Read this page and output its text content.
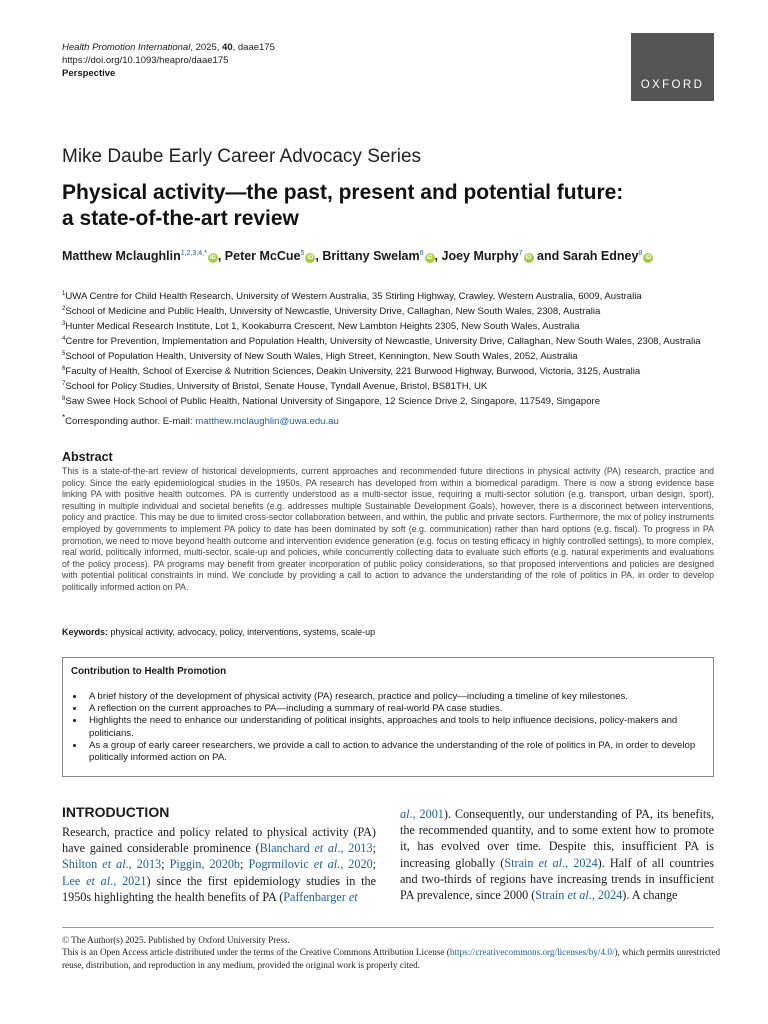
Health Promotion International, 2025, 40, daae175
https://doi.org/10.1093/heapro/daae175
Perspective
OXFORD
Mike Daube Early Career Advocacy Series
Physical activity—the past, present and potential future:
a state-of-the-art review
Matthew Mclaughlin$^{1,2,3,4,*}$iD , Peter McCue$^5$iD , Brittany Swelam$^6$iD , Joey Murphy$^7$iD and Sarah Edney$^8$iD
$^1$UWA Centre for Child Health Research, University of Western Australia, 35 Stirling Highway, Crawley, Western Australia, 6009, Australia
$^2$School of Medicine and Public Health, University of Newcastle, University Drive, Callaghan, New South Wales, 2308, Australia
$^3$Hunter Medical Research Institute, Lot 1, Kookaburra Crescent, New Lambton Heights 2305, New South Wales, Australia
$^4$Centre for Prevention, Implementation and Population Health, University of Newcastle, University Drive, Callaghan, New South Wales, 2308, Australia
$^5$School of Population Health, University of New South Wales, High Street, Kennington, New South Wales, 2052, Australia
$^6$Faculty of Health, School of Exercise & Nutrition Sciences, Deakin University, 221 Burwood Highway, Burwood, Victoria, 3125, Australia
$^7$School for Policy Studies, University of Bristol, Senate House, Tyndall Avenue, Bristol, BS81TH, UK
$^8$Saw Swee Hock School of Public Health, National University of Singapore, 12 Science Drive 2, Singapore, 117549, Singapore
*Corresponding author. E-mail: matthew.mclaughlin@uwa.edu.au
Abstract
This is a state-of-the-art review of historical developments, current approaches and recommended future directions in physical activity (PA) research, practice and policy. Since the early epidemiological studies in the 1950s, PA research has developed from within a biomedical paradigm. There is now a strong evidence base linking PA with positive health outcomes. PA is currently understood as a multi-sector issue, requiring a multi-sector solution (e.g. transport, urban design, sport), resulting in multiple individual and societal benefits (e.g. addresses multiple Sustainable Development Goals), however, there is a disconnect between interventions, policy and practice. This may be due to limited cross-sector collaboration between, and within, the public and private sectors. Furthermore, the mix of policy instruments employed by governments to implement PA policy to date has been dominated by soft (e.g. communication) rather than hard options (e.g. fiscal). To progress in PA promotion, we need to move beyond health outcome and intervention evidence generation (e.g. focus on testing efficacy in highly controlled settings), to more complex, real world, politically informed, multi-sector, scale-up and policies, while concurrently collecting data to evaluate such efforts (e.g. natural experiments and evaluations of the policy process). PA programs may benefit from greater incorporation of public policy considerations, so that proposed interventions and policies are designed with potential political constraints in mind. We conclude by providing a call to action to advance the understanding of the role of politics in PA, in order to develop politically informed action on PA.
Keywords: physical activity, advocacy, policy, interventions, systems, scale-up
Contribution to Health Promotion
• A brief history of the development of physical activity (PA) research, practice and policy—including a timeline of key milestones.
• A reflection on the current approaches to PA—including a summary of real-world PA case studies.
• Highlights the need to enhance our understanding of political insights, approaches and tools to help influence decisions, policy-makers and politicians.
• As a group of early career researchers, we provide a call to action to advance the understanding of the role of politics in PA, in order to develop politically informed action on PA.
INTRODUCTION
Research, practice and policy related to physical activity (PA) have gained considerable prominence (Blanchard et al., 2013; Shilton et al., 2013; Piggin, 2020b; Pogrmilovic et al., 2020; Lee et al., 2021) since the first epidemiology studies in the 1950s highlighting the health benefits of PA (Paffenbarger et
al., 2001). Consequently, our understanding of PA, its benefits, the recommended quantity, and to some extent how to promote it, has evolved over time. Despite this, insufficient PA is increasing globally (Strain et al., 2024). Half of all countries and two-thirds of regions have increasing trends in insufficient PA prevalence, since 2000 (Strain et al., 2024). A change
© The Author(s) 2025. Published by Oxford University Press.
This is an Open Access article distributed under the terms of the Creative Commons Attribution License (https://creativecommons.org/licenses/by/4.0/), which permits unrestricted reuse, distribution, and reproduction in any medium, provided the original work is properly cited.
